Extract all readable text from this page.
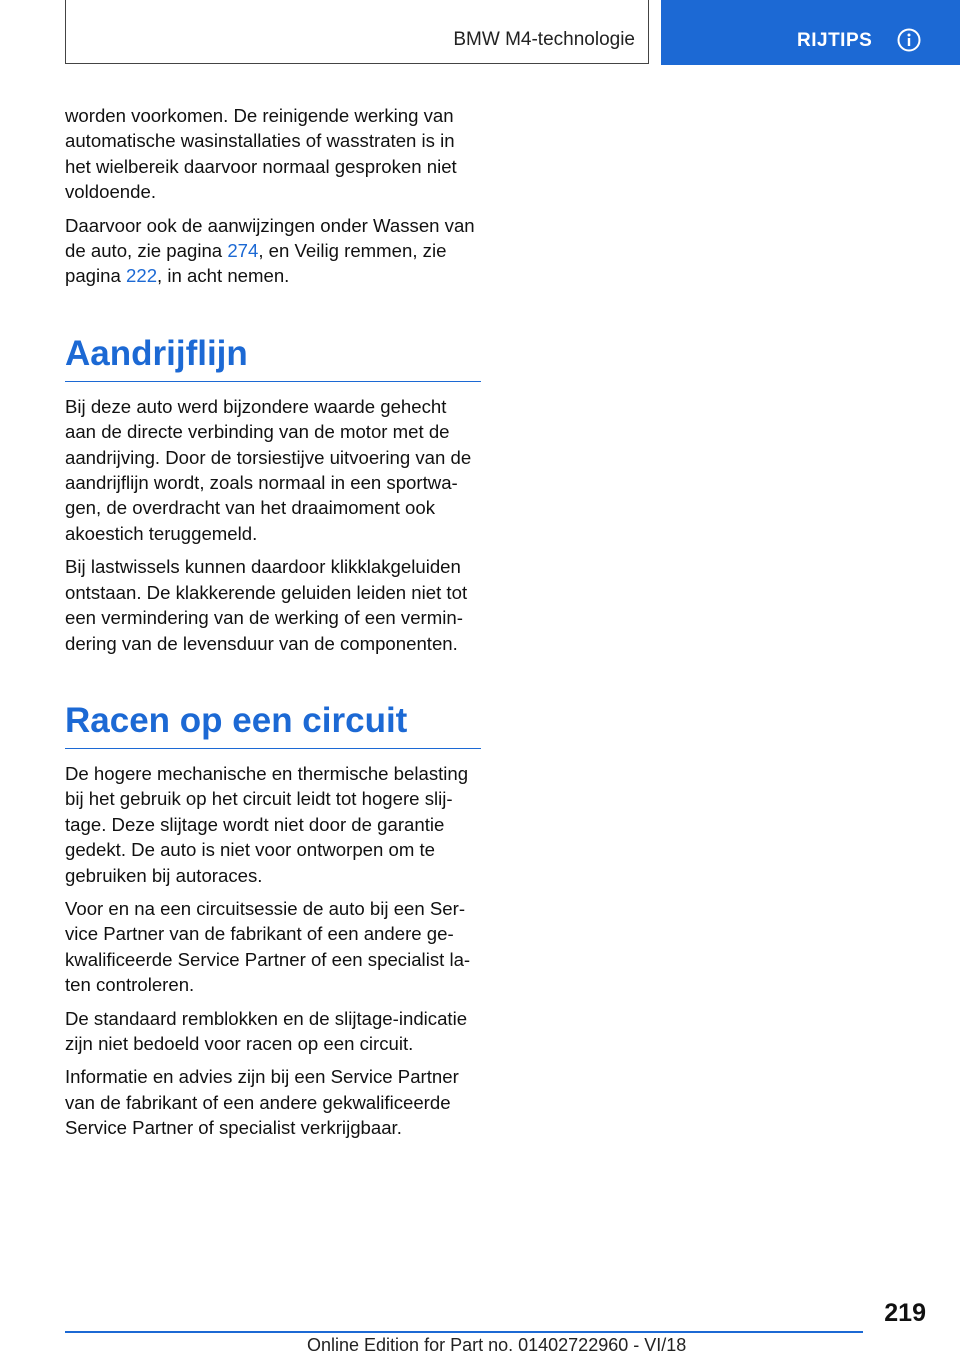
BMW M4-technologie	RIJTIPS

worden voorkomen. De reinigende werking van automatische wasinstallaties of wasstraten is in het wielbereik daarvoor normaal gesproken niet voldoende.

Daarvoor ook de aanwijzingen onder Wassen van de auto, zie pagina 274, en Veilig remmen, zie pagina 222, in acht nemen.

Aandrijflijn

Bij deze auto werd bijzondere waarde gehecht aan de directe verbinding van de motor met de aandrijving. Door de torsiestijve uitvoering van de aandrijflijn wordt, zoals normaal in een sportwagen, de overdracht van het draaimoment ook akoestich teruggemeld.

Bij lastwissels kunnen daardoor klikklakgeluiden ontstaan. De klakkerende geluiden leiden niet tot een vermindering van de werking of een vermindering van de levensduur van de componenten.

Racen op een circuit

De hogere mechanische en thermische belasting bij het gebruik op het circuit leidt tot hogere slijtage. Deze slijtage wordt niet door de garantie gedekt. De auto is niet voor ontworpen om te gebruiken bij autoraces.

Voor en na een circuitsessie de auto bij een Service Partner van de fabrikant of een andere gekwalificeerde Service Partner of een specialist laten controleren.

De standaard remblokken en de slijtage-indicatie zijn niet bedoeld voor racen op een circuit.

Informatie en advies zijn bij een Service Partner van de fabrikant of een andere gekwalificeerde Service Partner of specialist verkrijgbaar.

219
Online Edition for Part no. 01402722960 - VI/18
